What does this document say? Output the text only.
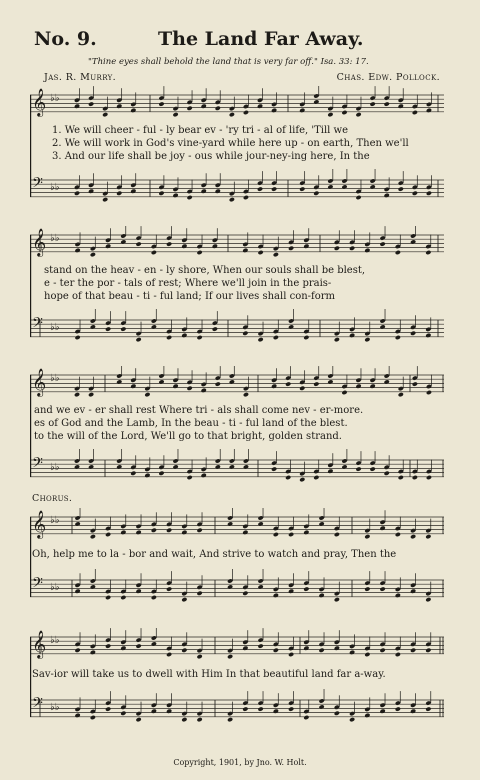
No. 9.	The Land Far Away.
"Thine eyes shall behold the land that is very far off." Isa. 33: 17.
Jas. R. Murry.	Chas. Edw. Pollock.
𝄞 ♭♭
𝄢 ♭♭
1. We will cheer - ful - ly bear ev - 'ry tri - al of life, 'Till we
2. We will work in God's vine-yard while here up - on earth, Then we'll
3. And our life shall be joy - ous while jour-ney-ing here, In the
𝄞 ♭♭
𝄢 ♭♭
stand on the heav - en - ly shore, When our souls shall be blest,
e - ter the por - tals of rest; Where we'll join in the prais-
hope of that beau - ti - ful land; If our lives shall con-form
𝄞 ♭♭
𝄢 ♭♭
and we ev - er shall rest Where tri - als shall come nev - er-more.
es of God and the Lamb, In the beau - ti - ful land of the blest.
to the will of the Lord, We'll go to that bright, golden strand.
Chorus.
𝄞 ♭♭
𝄢 ♭♭
Oh, help me to la - bor and wait, And strive to watch and pray, Then the
𝄞 ♭♭
𝄢 ♭♭
Sav-ior will take us to dwell with Him In that beautiful land far a-way.
Copyright, 1901, by Jno. W. Holt.
